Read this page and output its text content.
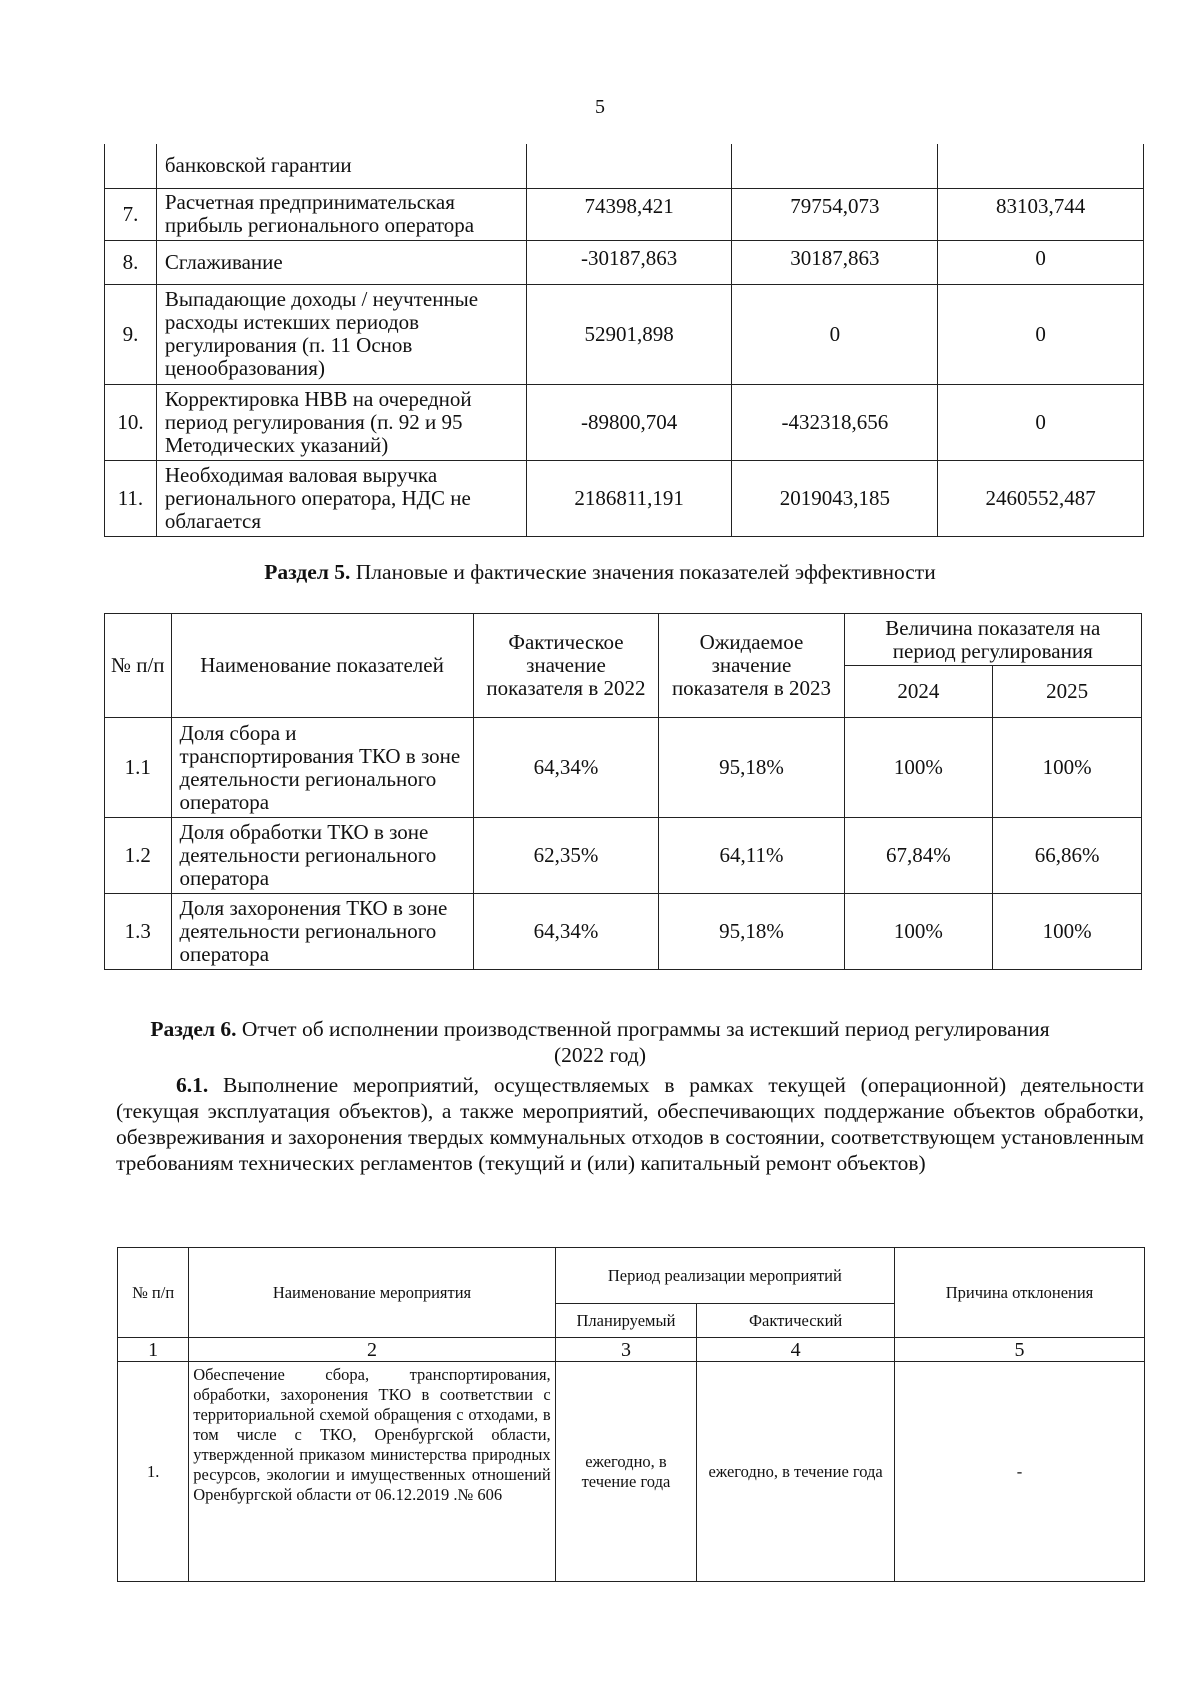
5
	банковской гарантии			
7.	Расчетная предпринимательская прибыль регионального оператора	74398,421	79754,073	83103,744
8.	Сглаживание	-30187,863	30187,863	0
9.	Выпадающие доходы / неучтенные расходы истекших периодов регулирования (п. 11 Основ ценообразования)	52901,898	0	0
10.	Корректировка НВВ на очередной период регулирования (п. 92 и 95 Методических указаний)	-89800,704	-432318,656	0
11.	Необходимая валовая выручка регионального оператора, НДС не облагается	2186811,191	2019043,185	2460552,487
Раздел 5. Плановые и фактические значения показателей эффективности
№ п/п	Наименование показателей	Фактическое значение показателя в 2022	Ожидаемое значение показателя в 2023	Величина показателя на период регулирования	
				2024	2025
1.1	Доля сбора и транспортирования ТКО в зоне деятельности регионального оператора	64,34%	95,18%	100%	100%
1.2	Доля обработки ТКО в зоне деятельности регионального оператора	62,35%	64,11%	67,84%	66,86%
1.3	Доля захоронения ТКО в зоне деятельности регионального оператора	64,34%	95,18%	100%	100%
Раздел 6. Отчет об исполнении производственной программы за истекший период регулирования
(2022 год)
6.1. Выполнение мероприятий, осуществляемых в рамках текущей (операционной) деятельности (текущая эксплуатация объектов), а также мероприятий, обеспечивающих поддержание объектов обработки, обезвреживания и захоронения твердых коммунальных отходов в состоянии, соответствующем установленным требованиям технических регламентов (текущий и (или) капитальный ремонт объектов)
№ п/п	Наименование мероприятия	Период реализации мероприятий		Причина отклонения
		Планируемый	Фактический	
1	2	3	4	5
1.	Обеспечение сбора, транспортирования, обработки, захоронения ТКО в соответствии с территориальной схемой обращения с отходами, в том числе с ТКО, Оренбургской области, утвержденной приказом министерства природных ресурсов, экологии и имущественных отношений Оренбургской области от 06.12.2019 .№ 606	ежегодно, в течение года	ежегодно, в течение года	-
